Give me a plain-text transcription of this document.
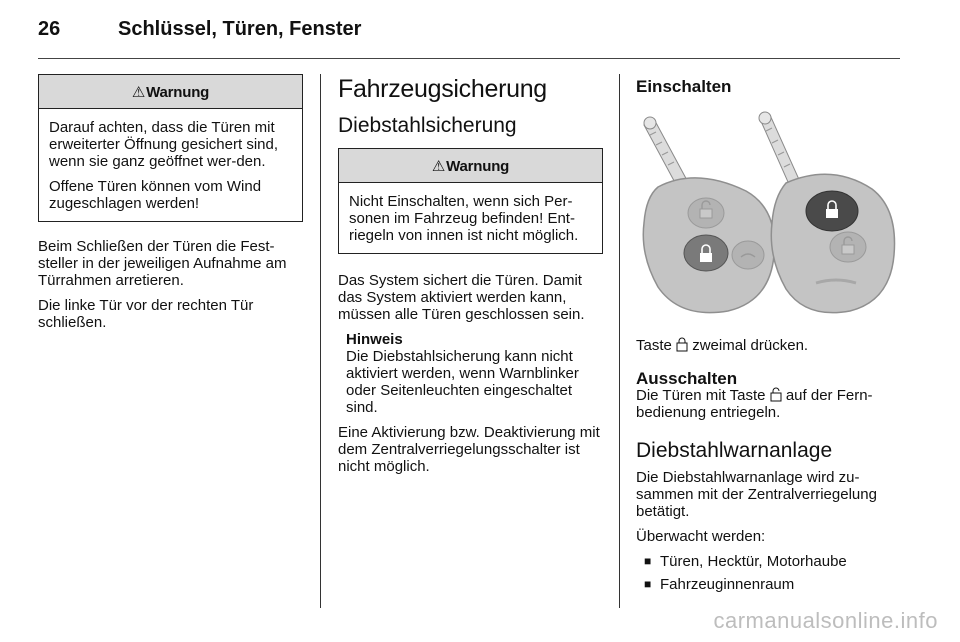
26	Schlüssel, Türen, Fenster
⚠Warnung

Darauf achten, dass die Türen mit erweiterter Öffnung gesichert sind, wenn sie ganz geöffnet wer-den.

Offene Türen können vom Wind zugeschlagen werden!

Beim Schließen der Türen die Fest-steller in der jeweiligen Aufnahme am Türrahmen arretieren.

Die linke Tür vor der rechten Tür schließen.

Fahrzeugsicherung
Diebstahlsicherung
⚠Warnung

Nicht Einschalten, wenn sich Per-sonen im Fahrzeug befinden! Ent-riegeln von innen ist nicht möglich.

Das System sichert die Türen. Damit das System aktiviert werden kann, müssen alle Türen geschlossen sein.

Hinweis

Die Diebstahlsicherung kann nicht aktiviert werden, wenn Warnblinker oder Seitenleuchten eingeschaltet sind.

Eine Aktivierung bzw. Deaktivierung mit dem Zentralverriegelungsschalter ist nicht möglich.

Einschalten

Taste zweimal drücken.

Ausschalten

Die Türen mit Taste auf der Fern-bedienung entriegeln.

Diebstahlwarnanlage

Die Diebstahlwarnanlage wird zu-sammen mit der Zentralverriegelung betätigt.

Überwacht werden:

■ Türen, Hecktür, Motorhaube
■ Fahrzeuginnenraum
carmanualsonline.info
